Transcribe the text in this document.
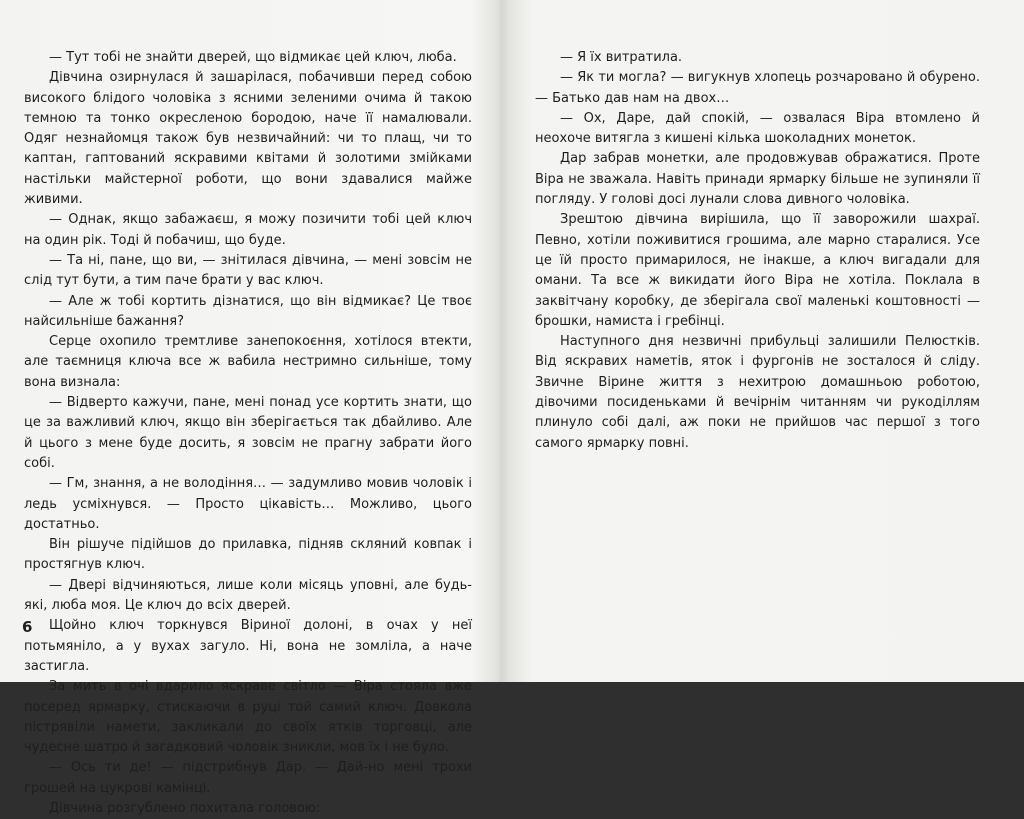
— Тут тобі не знайти дверей, що відмикає цей ключ, люба.

Дівчина озирнулася й зашарілася, побачивши перед собою високого блідого чоловіка з ясними зеленими очима й такою темною та тонко окресленою бородою, наче її намалювали. Одяг незнайомця також був незвичайний: чи то плащ, чи то каптан, гаптований яскравими квітами й золотими змійками настільки майстерної роботи, що вони здавалися майже живими.

— Однак, якщо забажаєш, я можу позичити тобі цей ключ на один рік. Тоді й побачиш, що буде.

— Та ні, пане, що ви, — знітилася дівчина, — мені зовсім не слід тут бути, а тим паче брати у вас ключ.

— Але ж тобі кортить дізнатися, що він відмикає? Це твоє найсильніше бажання?

Серце охопило тремтливе занепокоєння, хотілося втекти, але таємниця ключа все ж вабила нестримно сильніше, тому вона визнала:

— Відверто кажучи, пане, мені понад усе кортить знати, що це за важливий ключ, якщо він зберігається так дбайливо. Але й цього з мене буде досить, я зовсім не прагну забрати його собі.

— Гм, знання, а не володіння… — задумливо мовив чоловік і ледь усміхнувся. — Просто цікавість… Можливо, цього достатньо.

Він рішуче підійшов до прилавка, підняв скляний ковпак і простягнув ключ.

— Двері відчиняються, лише коли місяць уповні, але будь-які, люба моя. Це ключ до всіх дверей.

Щойно ключ торкнувся Віриної долоні, в очах у неї потьмяніло, а у вухах загуло. Ні, вона не зомліла, а наче застигла.

За мить в очі вдарило яскраве світло — Віра стояла вже посеред ярмарку, стискаючи в руці той самий ключ. Довкола пістрявіли намети, закликали до своїх ятків торговці, але чудесне шатро й загадковий чоловік зникли, мов їх і не було.

— Ось ти де! — підстрибнув Дар. — Дай-но мені трохи грошей на цукрові камінці.

Дівчина розгублено похитала головою:

6

— Я їх витратила.

— Як ти могла? — вигукнув хлопець розчаровано й обурено. — Батько дав нам на двох…

— Ох, Даре, дай спокій, — озвалася Віра втомлено й неохоче витягла з кишені кілька шоколадних монеток.

Дар забрав монетки, але продовжував ображатися. Проте Віра не зважала. Навіть принади ярмарку більше не зупиняли її погляду. У голові досі лунали слова дивного чоловіка.

Зрештою дівчина вирішила, що її заворожили шахраї. Певно, хотіли поживитися грошима, але марно старалися. Усе це їй просто примарилося, не інакше, а ключ вигадали для омани. Та все ж викидати його Віра не хотіла. Поклала в заквітчану коробку, де зберігала свої маленькі коштовності — брошки, намиста і гребінці.

Наступного дня незвичні прибульці залишили Пелюстків. Від яскравих наметів, яток і фургонів не зосталося й сліду. Звичне Вірине життя з нехитрою домашньою роботою, дівочими посиденьками й вечірнім читанням чи рукоділлям плинуло собі далі, аж поки не прийшов час першої з того самого ярмарку повні.
